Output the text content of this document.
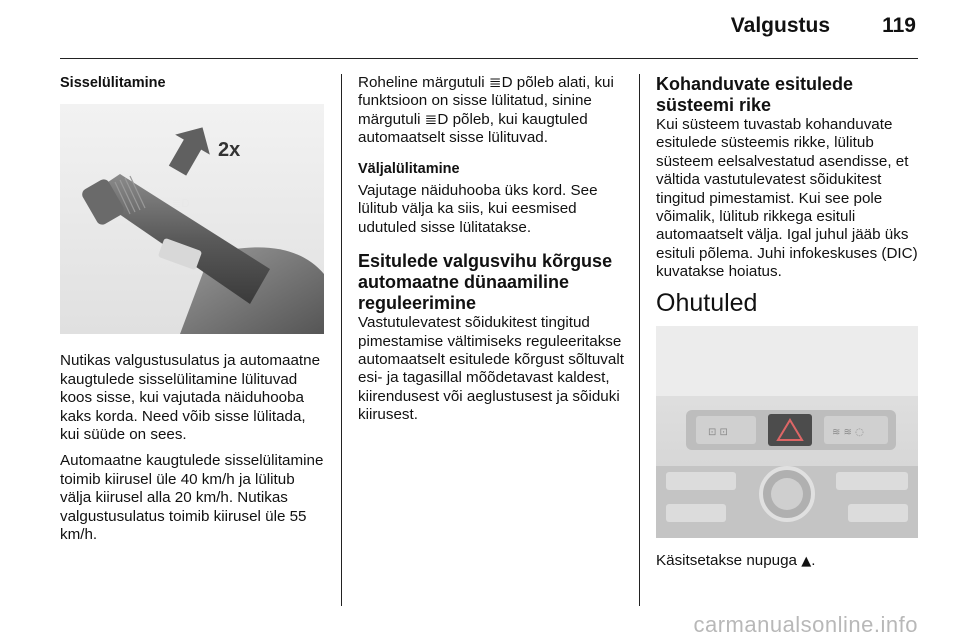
Valgustus 119
Sisselülitamine
≣D
2x

Nutikas valgustusulatus ja automaatne kaugtulede sisselülitamine lülituvad koos sisse, kui vajutada näiduhooba kaks korda. Need võib sisse lülitada, kui süüde on sees.

Automaatne kaugtulede sisselülitamine toimib kiirusel üle 40 km/h ja lülitub välja kiirusel alla 20 km/h. Nutikas valgustusulatus toimib kiirusel üle 55 km/h.

Roheline märgutuli ≣D põleb alati, kui funktsioon on sisse lülitatud, sinine märgutuli ≣D põleb, kui kaugtuled automaatselt sisse lülituvad.

Väljalülitamine

Vajutage näiduhooba üks kord. See lülitub välja ka siis, kui eesmised udutuled sisse lülitatakse.

Esitulede valgusvihu kõrguse automaatne dünaamiline reguleerimine

Vastutulevatest sõidukitest tingitud pimestamise vältimiseks reguleeritakse automaatselt esitulede kõrgust sõltuvalt esi- ja tagasillal mõõdetavast kaldest, kiirendusest või aeglustusest ja sõiduki kiirusest.

Kohanduvate esitulede süsteemi rike

Kui süsteem tuvastab kohanduvate esitulede süsteemis rikke, lülitub süsteem eelsalvestatud asendisse, et vältida vastutulevatest sõidukitest tingitud pimestamist. Kui see pole võimalik, lülitub rikkega esituli automaatselt välja. Igal juhul jääb üks esituli põlema. Juhi infokeskuses (DIC) kuvatakse hoiatus.

Ohutuled
⊡ ⊡	≋ ≋ ◌

Käsitsetakse nupuga ▲.

carmanualsonline.info
